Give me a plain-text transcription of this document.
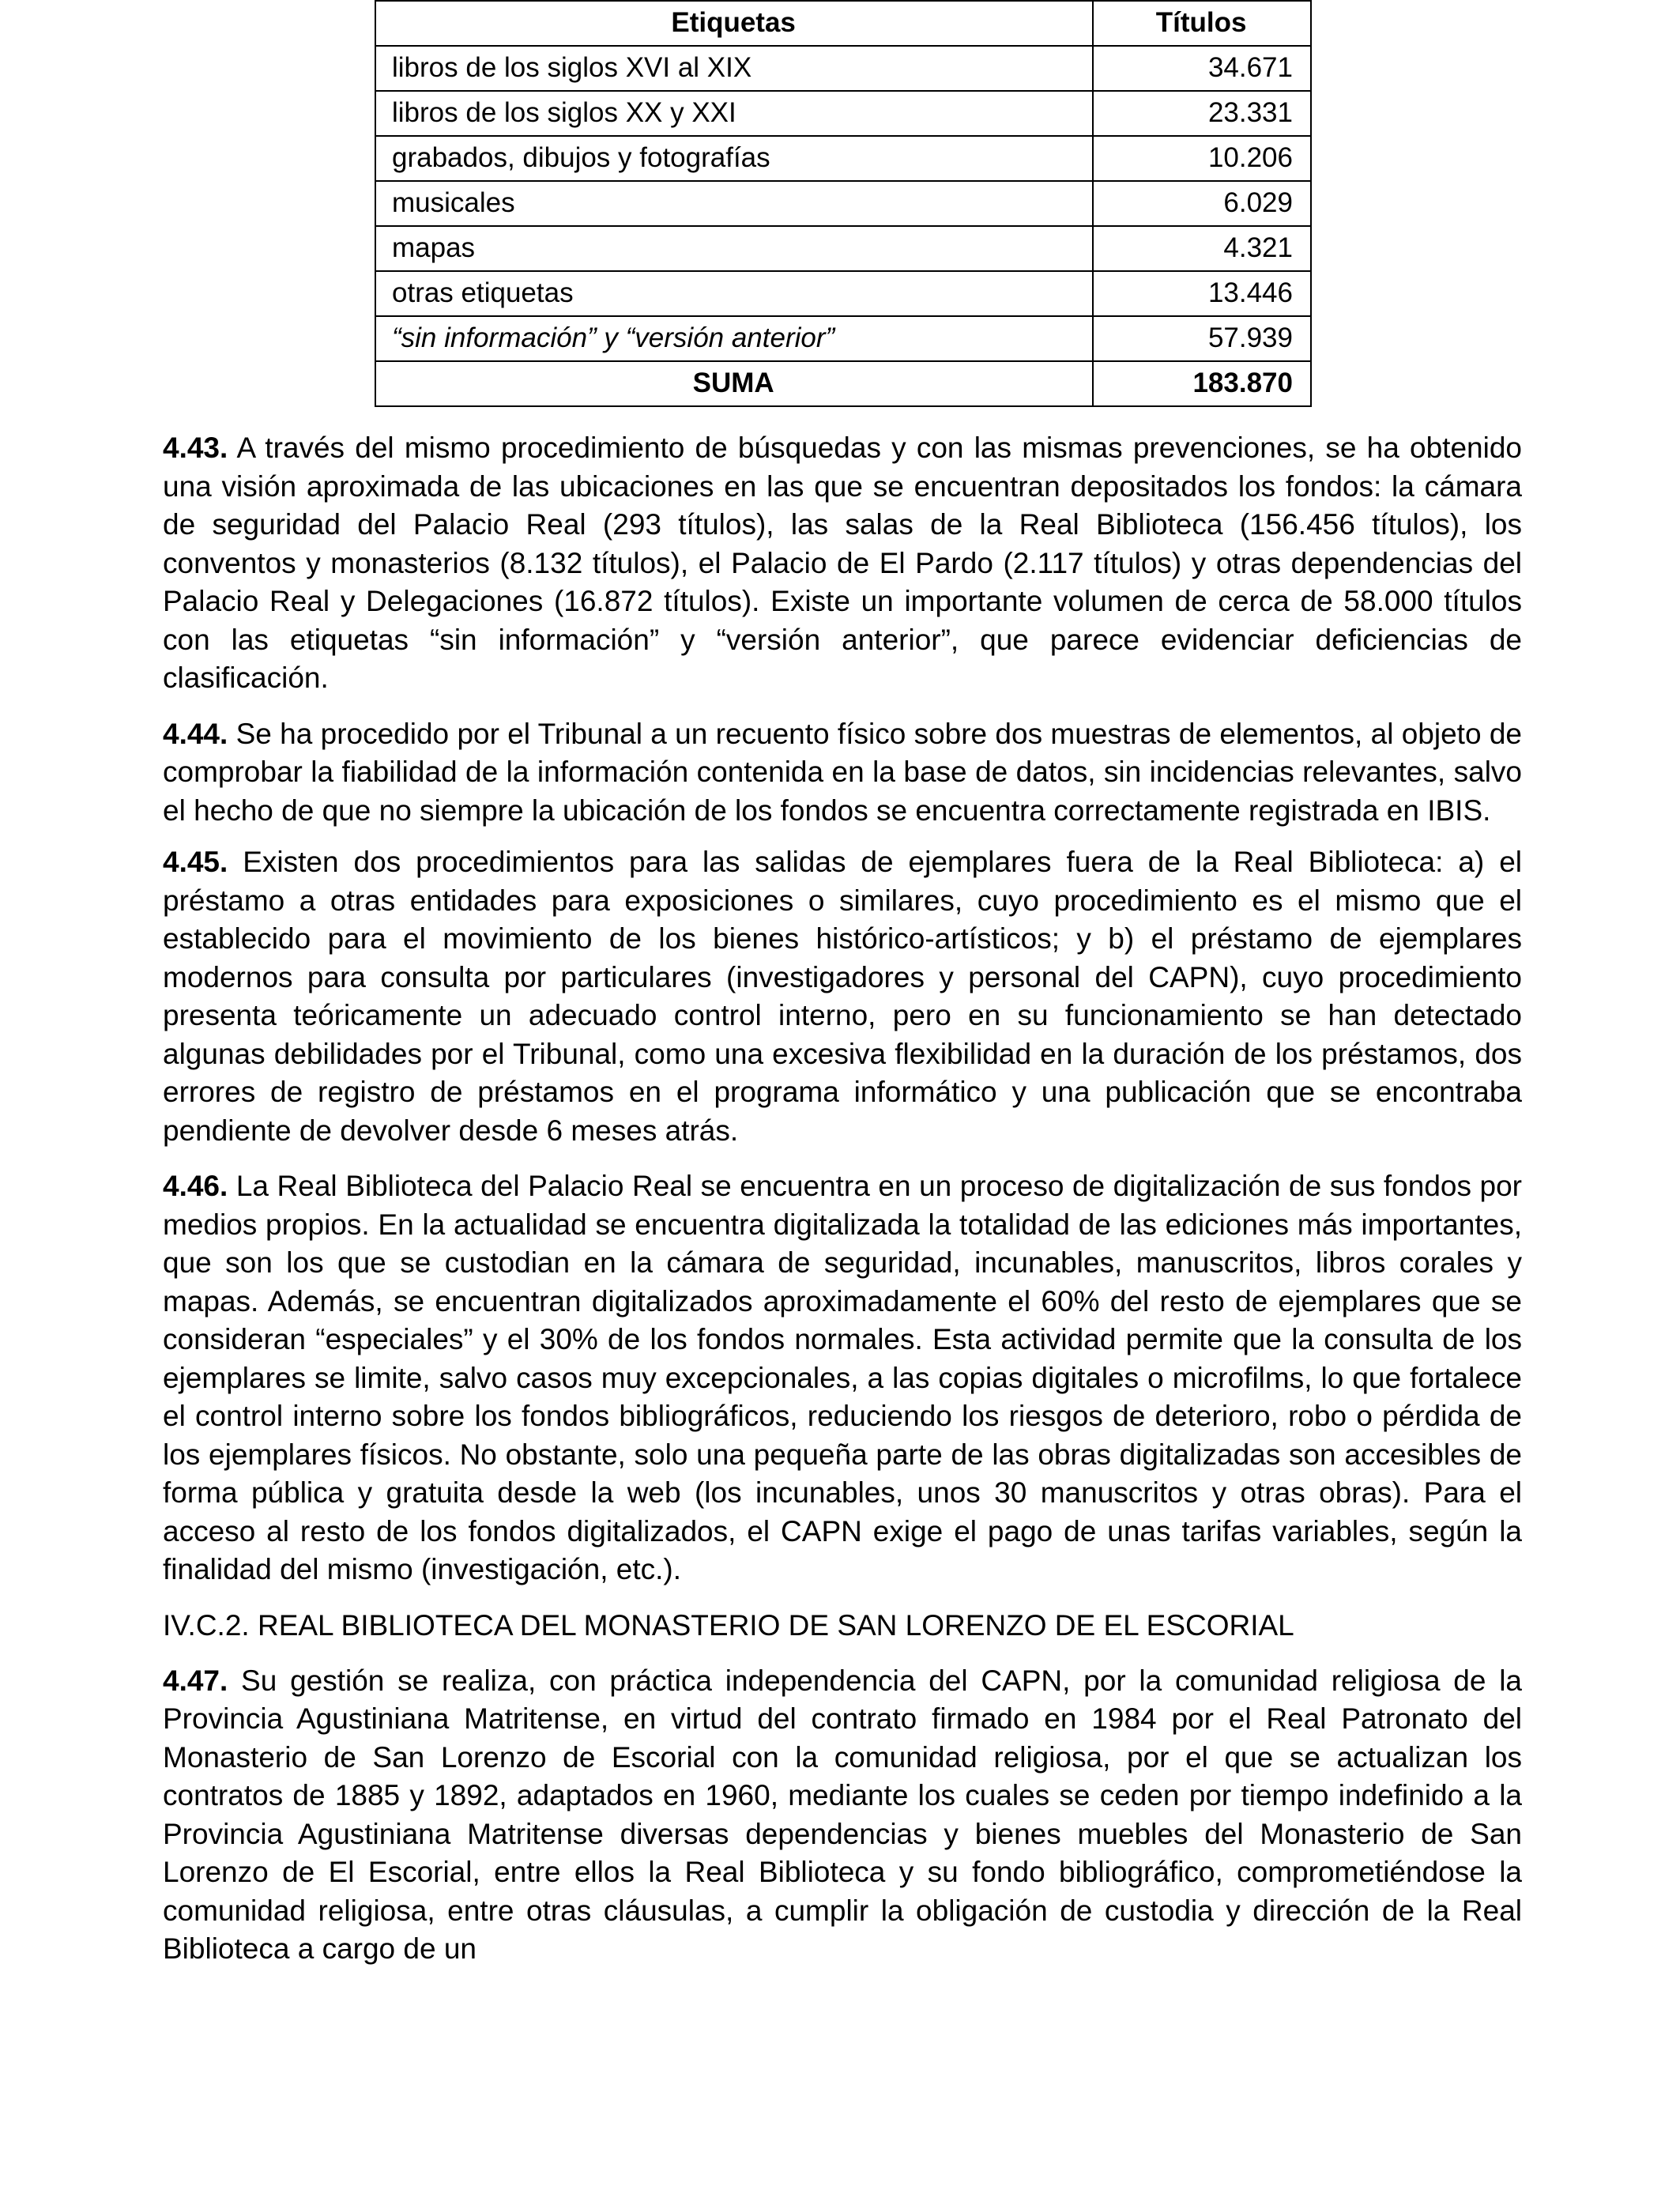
Etiquetas	Títulos
libros de los siglos XVI al XIX	34.671
libros de los siglos XX y XXI	23.331
grabados, dibujos y fotografías	10.206
musicales	6.029
mapas	4.321
otras etiquetas	13.446
“sin información” y “versión anterior”	57.939
SUMA	183.870

4.43. A través del mismo procedimiento de búsquedas y con las mismas prevenciones, se ha obtenido una visión aproximada de las ubicaciones en las que se encuentran depositados los fondos: la cámara de seguridad del Palacio Real (293 títulos), las salas de la Real Biblioteca (156.456 títulos), los conventos y monasterios (8.132 títulos), el Palacio de El Pardo (2.117 títulos) y otras dependencias del Palacio Real y Delegaciones (16.872 títulos). Existe un importante volumen de cerca de 58.000 títulos con las etiquetas “sin información” y “versión anterior”, que parece evidenciar deficiencias de clasificación.

4.44. Se ha procedido por el Tribunal a un recuento físico sobre dos muestras de elementos, al objeto de comprobar la fiabilidad de la información contenida en la base de datos, sin incidencias relevantes, salvo el hecho de que no siempre la ubicación de los fondos se encuentra correctamente registrada en IBIS.

4.45. Existen dos procedimientos para las salidas de ejemplares fuera de la Real Biblioteca: a) el préstamo a otras entidades para exposiciones o similares, cuyo procedimiento es el mismo que el establecido para el movimiento de los bienes histórico-artísticos; y b) el préstamo de ejemplares modernos para consulta por particulares (investigadores y personal del CAPN), cuyo procedimiento presenta teóricamente un adecuado control interno, pero en su funcionamiento se han detectado algunas debilidades por el Tribunal, como una excesiva flexibilidad en la duración de los préstamos, dos errores de registro de préstamos en el programa informático y una publicación que se encontraba pendiente de devolver desde 6 meses atrás.

4.46. La Real Biblioteca del Palacio Real se encuentra en un proceso de digitalización de sus fondos por medios propios. En la actualidad se encuentra digitalizada la totalidad de las ediciones más importantes, que son los que se custodian en la cámara de seguridad, incunables, manuscritos, libros corales y mapas. Además, se encuentran digitalizados aproximadamente el 60% del resto de ejemplares que se consideran “especiales” y el 30% de los fondos normales. Esta actividad permite que la consulta de los ejemplares se limite, salvo casos muy excepcionales, a las copias digitales o microfilms, lo que fortalece el control interno sobre los fondos bibliográficos, reduciendo los riesgos de deterioro, robo o pérdida de los ejemplares físicos. No obstante, solo una pequeña parte de las obras digitalizadas son accesibles de forma pública y gratuita desde la web (los incunables, unos 30 manuscritos y otras obras). Para el acceso al resto de los fondos digitalizados, el CAPN exige el pago de unas tarifas variables, según la finalidad del mismo (investigación, etc.).

IV.C.2. REAL BIBLIOTECA DEL MONASTERIO DE SAN LORENZO DE EL ESCORIAL

4.47. Su gestión se realiza, con práctica independencia del CAPN, por la comunidad religiosa de la Provincia Agustiniana Matritense, en virtud del contrato firmado en 1984 por el Real Patronato del Monasterio de San Lorenzo de Escorial con la comunidad religiosa, por el que se actualizan los contratos de 1885 y 1892, adaptados en 1960, mediante los cuales se ceden por tiempo indefinido a la Provincia Agustiniana Matritense diversas dependencias y bienes muebles del Monasterio de San Lorenzo de El Escorial, entre ellos la Real Biblioteca y su fondo bibliográfico, comprometiéndose la comunidad religiosa, entre otras cláusulas, a cumplir la obligación de custodia y dirección de la Real Biblioteca a cargo de un
